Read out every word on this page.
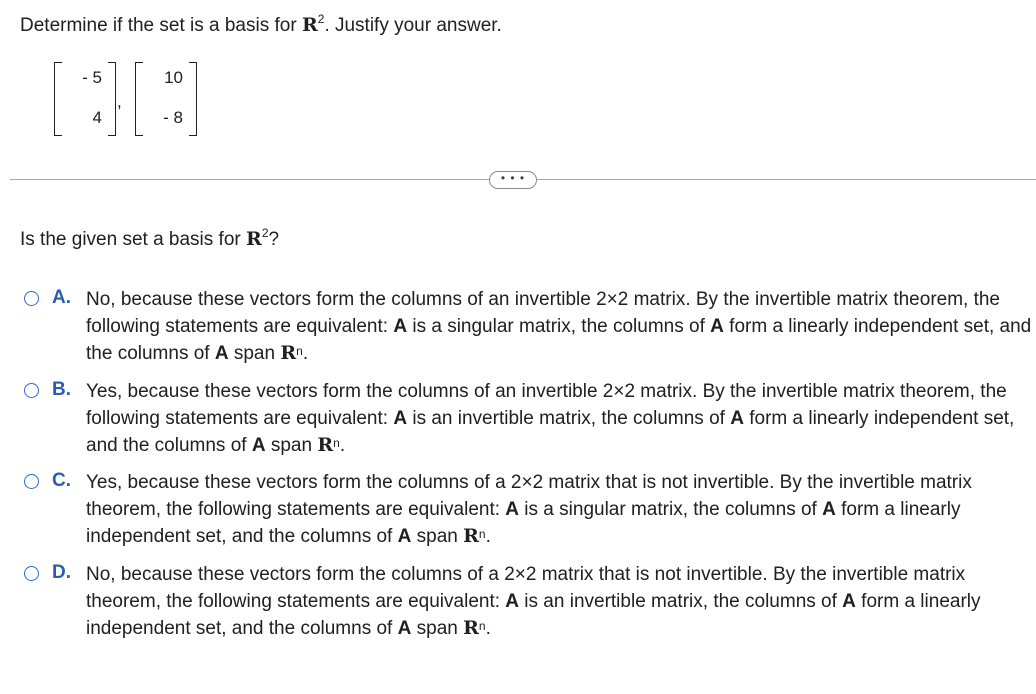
Determine if the set is a basis for $R^2$. Justify your answer.
- 5
4
,
10
- 8
• • •
Is the given set a basis for $R^2$?
A. No, because these vectors form the columns of an invertible 2×2 matrix. By the invertible matrix theorem, the following statements are equivalent: A is a singular matrix, the columns of A form a linearly independent set, and the columns of A span $R^n$.
B. Yes, because these vectors form the columns of an invertible 2×2 matrix. By the invertible matrix theorem, the following statements are equivalent: A is an invertible matrix, the columns of A form a linearly independent set, and the columns of A span $R^n$.
C. Yes, because these vectors form the columns of a 2×2 matrix that is not invertible. By the invertible matrix theorem, the following statements are equivalent: A is a singular matrix, the columns of A form a linearly independent set, and the columns of A span $R^n$.
D. No, because these vectors form the columns of a 2×2 matrix that is not invertible. By the invertible matrix theorem, the following statements are equivalent: A is an invertible matrix, the columns of A form a linearly independent set, and the columns of A span $R^n$.
